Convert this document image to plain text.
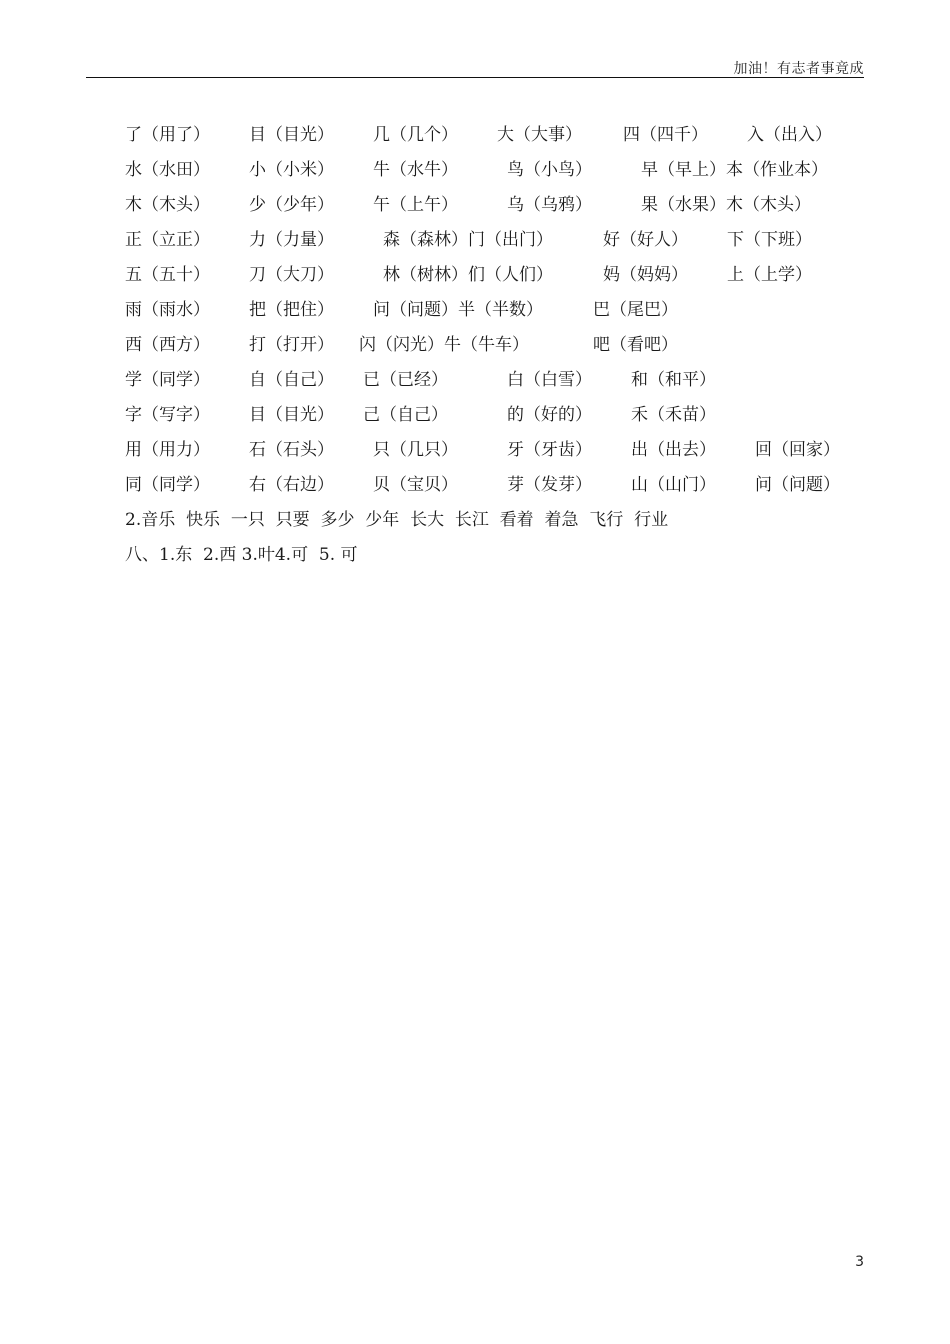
加油！有志者事竟成
了（用了） 目（目光） 几（几个） 大（大事） 四（四千） 入（出入）
水（水田） 小（小米） 牛（水牛）	鸟（小鸟）	早（早上）本（作业本）
木（木头） 少（少年） 午（上午）	乌（乌鸦）	果（水果）木（木头）
正（立正） 力（力量）	森（森林）门（出门）	好（好人） 下（下班）
五（五十） 刀（大刀）	林（树林）们（人们）	妈（妈妈） 上（上学）
雨（雨水） 把（把住） 问（问题）半（半数）	巴（尾巴）
西（西方） 打（打开） 闪（闪光）牛（牛车）	吧（看吧）
学（同学） 自（自己） 已（已经）	白（白雪） 和（和平）
字（写字） 目（目光） 己（自己）	的（好的） 禾（禾苗）
用（用力） 石（石头） 只（几只）	牙（牙齿） 出（出去） 回（回家）
同（同学） 右（右边） 贝（宝贝）	芽（发芽） 山（山门） 问（问题）
2.音乐  快乐  一只  只要  多少  少年  长大  长江  看着  着急  飞行  行业
八、1.东  2.西 3.叶4.可  5. 可
3
